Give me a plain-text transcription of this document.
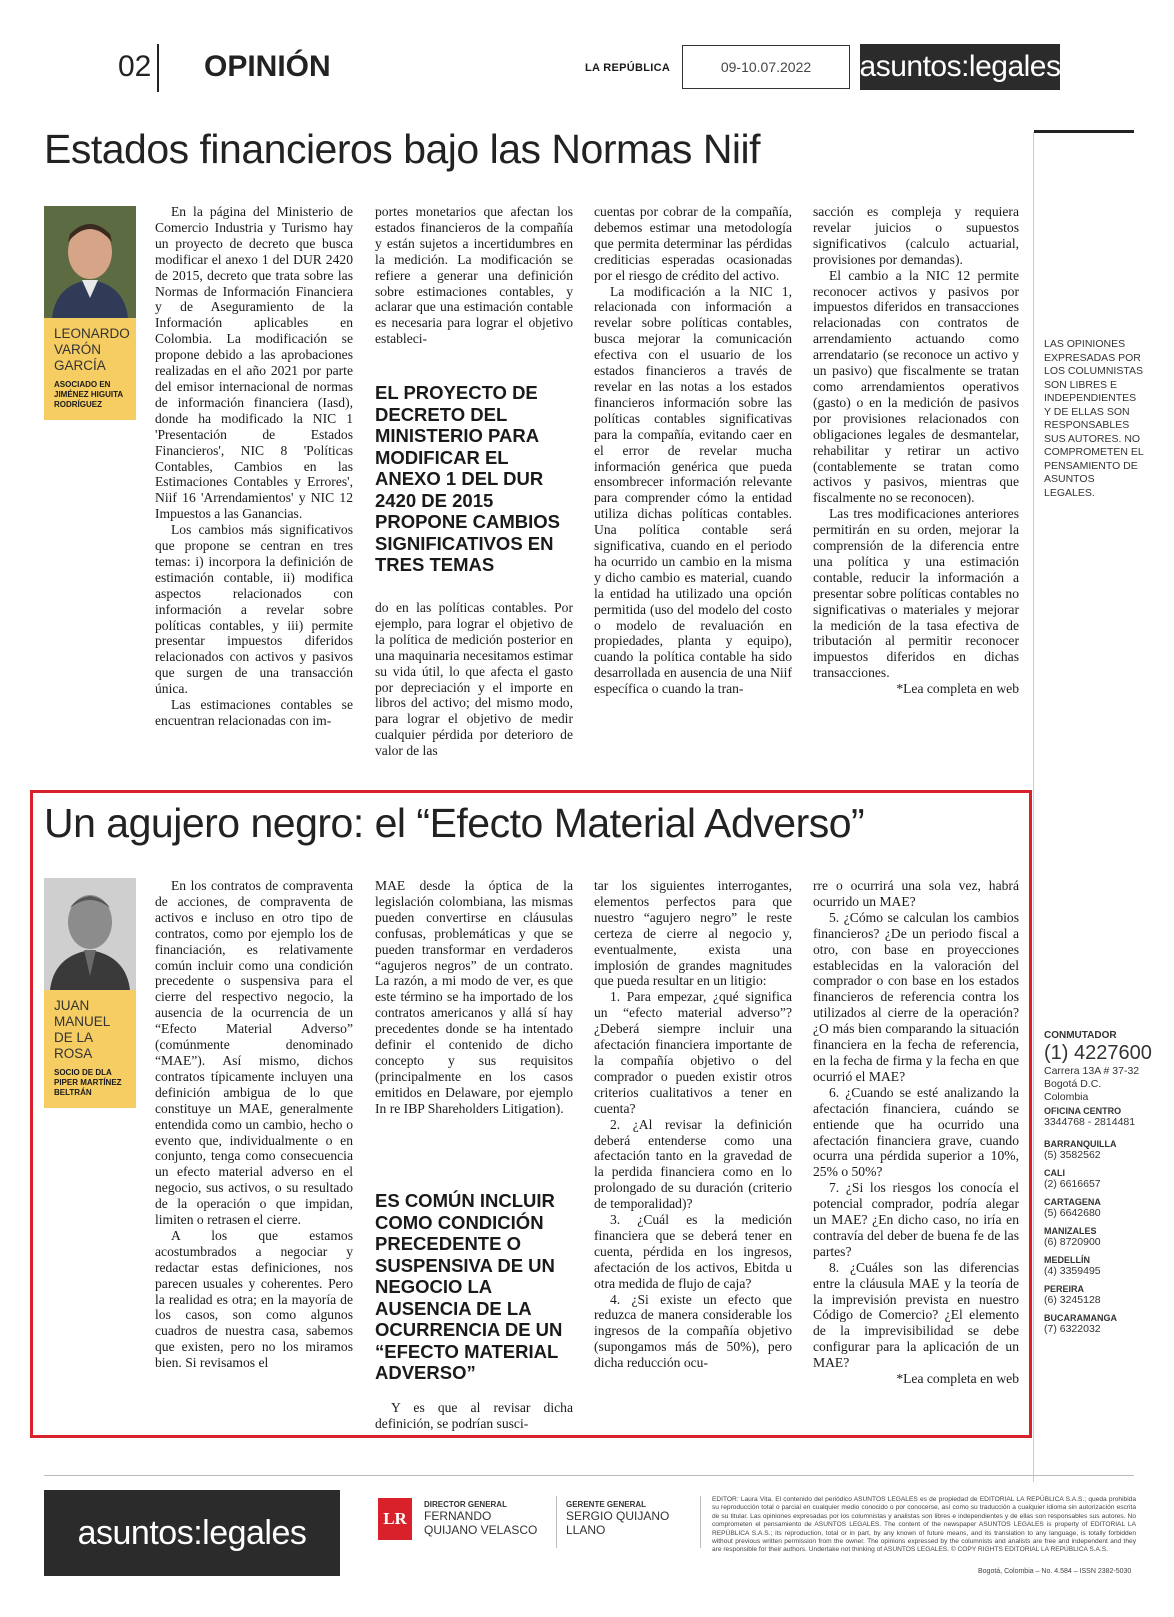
02 OPINIÓN	LA REPÚBLICA	09-10.07.2022	asuntos:legales
Estados financieros bajo las Normas Niif
LEONARDO VARÓN GARCÍA
ASOCIADO EN JIMÉNEZ HIGUITA RODRÍGUEZ

En la página del Ministerio de Comercio Industria y Turismo hay un proyecto de decreto que busca modificar el anexo 1 del DUR 2420 de 2015, decreto que trata sobre las Normas de Información Financiera y de Aseguramiento de la Información aplicables en Colombia. La modificación se propone debido a las aprobaciones realizadas en el año 2021 por parte del emisor internacional de normas de información financiera (Iasd), donde ha modificado la NIC 1 'Presentación de Estados Financieros', NIC 8 'Políticas Contables, Cambios en las Estimaciones Contables y Errores', Niif 16 'Arrendamientos' y NIC 12 Impuestos a las Ganancias.

Los cambios más significativos que propone se centran en tres temas: i) incorpora la definición de estimación contable, ii) modifica aspectos relacionados con información a revelar sobre políticas contables, y iii) permite presentar impuestos diferidos relacionados con activos y pasivos que surgen de una transacción única.

Las estimaciones contables se encuentran relacionadas con im-

portes monetarios que afectan los estados financieros de la compañía y están sujetos a incertidumbres en la medición. La modificación se refiere a generar una definición sobre estimaciones contables, y aclarar que una estimación contable es necesaria para lograr el objetivo estableci-

EL PROYECTO DE DECRETO DEL MINISTERIO PARA MODIFICAR EL ANEXO 1 DEL DUR 2420 DE 2015 PROPONE CAMBIOS SIGNIFICATIVOS EN TRES TEMAS

do en las políticas contables. Por ejemplo, para lograr el objetivo de la política de medición posterior en una maquinaria necesitamos estimar su vida útil, lo que afecta el gasto por depreciación y el importe en libros del activo; del mismo modo, para lograr el objetivo de medir cualquier pérdida por deterioro de valor de las

cuentas por cobrar de la compañía, debemos estimar una metodología que permita determinar las pérdidas crediticias esperadas ocasionadas por el riesgo de crédito del activo.

La modificación a la NIC 1, relacionada con información a revelar sobre políticas contables, busca mejorar la comunicación efectiva con el usuario de los estados financieros a través de revelar en las notas a los estados financieros información sobre las políticas contables significativas para la compañía, evitando caer en el error de revelar mucha información genérica que pueda ensombrecer información relevante para comprender cómo la entidad utiliza dichas políticas contables. Una política contable será significativa, cuando en el periodo ha ocurrido un cambio en la misma y dicho cambio es material, cuando la entidad ha utilizado una opción permitida (uso del modelo del costo o modelo de revaluación en propiedades, planta y equipo), cuando la política contable ha sido desarrollada en ausencia de una Niif específica o cuando la tran-

sacción es compleja y requiera revelar juicios o supuestos significativos (calculo actuarial, provisiones por demandas).

El cambio a la NIC 12 permite reconocer activos y pasivos por impuestos diferidos en transacciones relacionadas con contratos de arrendamiento actuando como arrendatario (se reconoce un activo y un pasivo) que fiscalmente se tratan como arrendamientos operativos (gasto) o en la medición de pasivos por provisiones relacionados con obligaciones legales de desmantelar, rehabilitar y retirar un activo (contablemente se tratan como activos y pasivos, mientras que fiscalmente no se reconocen).

Las tres modificaciones anteriores permitirán en su orden, mejorar la comprensión de la diferencia entre una política y una estimación contable, reducir la información a presentar sobre políticas contables no significativas o materiales y mejorar la medición de la tasa efectiva de tributación al permitir reconocer impuestos diferidos en dichas transacciones.

*Lea completa en web

Un agujero negro: el “Efecto Material Adverso”
JUAN MANUEL DE LA ROSA
SOCIO DE DLA PIPER MARTÍNEZ BELTRÁN

En los contratos de compraventa de acciones, de compraventa de activos e incluso en otro tipo de contratos, como por ejemplo los de financiación, es relativamente común incluir como una condición precedente o suspensiva para el cierre del respectivo negocio, la ausencia de la ocurrencia de un “Efecto Material Adverso” (comúnmente denominado “MAE”). Así mismo, dichos contratos típicamente incluyen una definición ambigua de lo que constituye un MAE, generalmente entendida como un cambio, hecho o evento que, individualmente o en conjunto, tenga como consecuencia un efecto material adverso en el negocio, sus activos, o su resultado de la operación o que impidan, limiten o retrasen el cierre.

A los que estamos acostumbrados a negociar y redactar estas definiciones, nos parecen usuales y coherentes. Pero la realidad es otra; en la mayoría de los casos, son como algunos cuadros de nuestra casa, sabemos que existen, pero no los miramos bien. Si revisamos el

MAE desde la óptica de la legislación colombiana, las mismas pueden convertirse en cláusulas confusas, problemáticas y que se pueden transformar en verdaderos “agujeros negros” de un contrato. La razón, a mi modo de ver, es que este término se ha importado de los contratos americanos y allá sí hay precedentes donde se ha intentado definir el contenido de dicho concepto y sus requisitos (principalmente en los casos emitidos en Delaware, por ejemplo In re IBP Shareholders Litigation).

ES COMÚN INCLUIR COMO CONDICIÓN PRECEDENTE O SUSPENSIVA DE UN NEGOCIO LA AUSENCIA DE LA OCURRENCIA DE UN “EFECTO MATERIAL ADVERSO”

Y es que al revisar dicha definición, se podrían susci-

tar los siguientes interrogantes, elementos perfectos para que nuestro “agujero negro” le reste certeza de cierre al negocio y, eventualmente, exista una implosión de grandes magnitudes que pueda resultar en un litigio:

1. Para empezar, ¿qué significa un “efecto material adverso”? ¿Deberá siempre incluir una afectación financiera importante de la compañía objetivo o del comprador o pueden existir otros criterios cualitativos a tener en cuenta?

2. ¿Al revisar la definición deberá entenderse como una afectación tanto en la gravedad de la perdida financiera como en lo prolongado de su duración (criterio de temporalidad)?

3. ¿Cuál es la medición financiera que se deberá tener en cuenta, pérdida en los ingresos, afectación de los activos, Ebitda u otra medida de flujo de caja?

4. ¿Si existe un efecto que reduzca de manera considerable los ingresos de la compañía objetivo (supongamos más de 50%), pero dicha reducción ocu-

rre o ocurrirá una sola vez, habrá ocurrido un MAE?

5. ¿Cómo se calculan los cambios financieros? ¿De un periodo fiscal a otro, con base en proyecciones establecidas en la valoración del comprador o con base en los estados financieros de referencia contra los utilizados al cierre de la operación? ¿O más bien comparando la situación financiera en la fecha de referencia, en la fecha de firma y la fecha en que ocurrió el MAE?

6. ¿Cuando se esté analizando la afectación financiera, cuándo se entiende que ha ocurrido una afectación financiera grave, cuando ocurra una pérdida superior a 10%, 25% o 50%?

7. ¿Si los riesgos los conocía el potencial comprador, podría alegar un MAE? ¿En dicho caso, no iría en contravía del deber de buena fe de las partes?

8. ¿Cuáles son las diferencias entre la cláusula MAE y la teoría de la imprevisión prevista en nuestro Código de Comercio? ¿El elemento de la imprevisibilidad se debe configurar para la aplicación de un MAE?

*Lea completa en web

LAS OPINIONES EXPRESADAS POR LOS COLUMNISTAS SON LIBRES E INDEPENDIENTES Y DE ELLAS SON RESPONSABLES SUS AUTORES. NO COMPROMETEN EL PENSAMIENTO DE ASUNTOS LEGALES.
CONMUTADOR
(1) 4227600
Carrera 13A # 37-32
Bogotá D.C.
Colombia
OFICINA CENTRO
3344768 - 2814481
BARRANQUILLA
(5) 3582562
CALI
(2) 6616657
CARTAGENA
(5) 6642680
MANIZALES
(6) 8720900
MEDELLÍN
(4) 3359495
PEREIRA
(6) 3245128
BUCARAMANGA
(7) 6322032
asuntos:legales	LR
DIRECTOR GENERAL
FERNANDO QUIJANO VELASCO
GERENTE GENERAL
SERGIO QUIJANO LLANO
EDITOR: Laura Vita. El contenido del periódico ASUNTOS LEGALES es de propiedad de EDITORIAL LA REPÚBLICA S.A.S.; queda prohibida su reproducción total o parcial en cualquier medio conocido o por conocerse, así como su traducción a cualquier idioma sin autorización escrita de su titular. Las opiniones expresadas por los columnistas y analistas son libres e independientes y de ellas son responsables sus autores. No comprometen el pensamiento de ASUNTOS LEGALES. The content of the newspaper ASUNTOS LEGALES is property of EDITORIAL LA REPÚBLICA S.A.S.; its reproduction, total or in part, by any known of future means, and its translation to any language, is totally forbidden without previous written permission from the owner. The opinions expressed by the columnists and analists are free and independent and they are responsible for their authors. Undertake not thinking of ASUNTOS LEGALES. © COPY RIGHTS EDITORIAL LA REPÚBLICA S.A.S.
Bogotá, Colombia – No. 4.584 – ISSN 2382-5030
